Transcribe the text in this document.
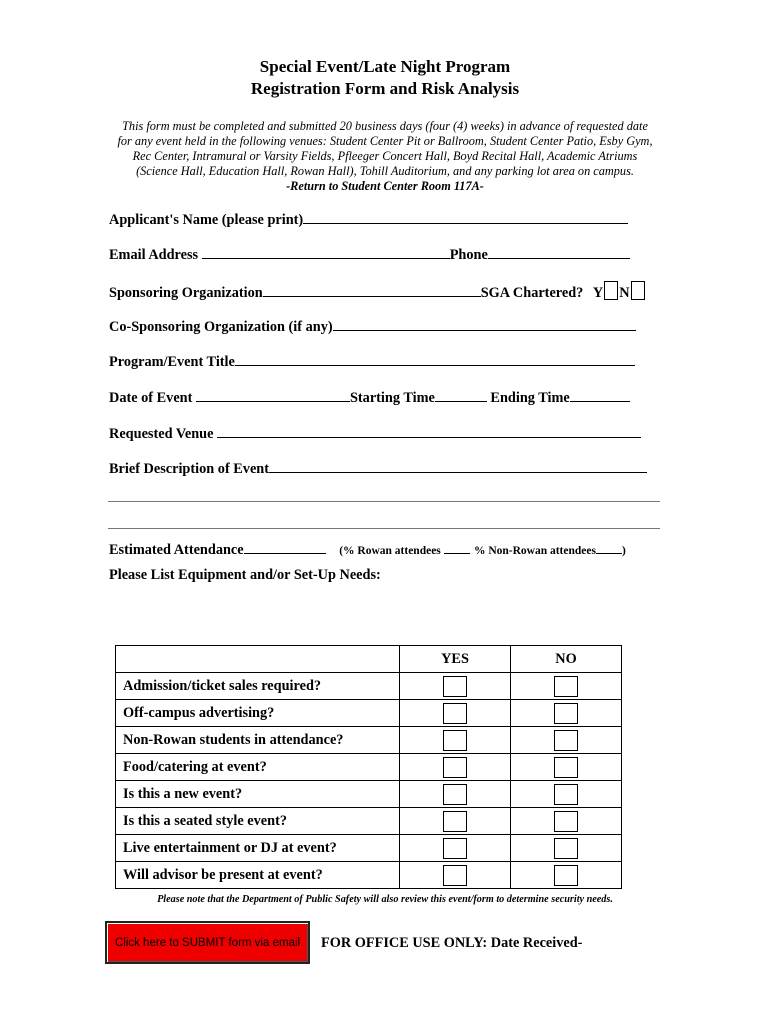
Special Event/Late Night Program
Registration Form and Risk Analysis
This form must be completed and submitted 20 business days (four (4) weeks) in advance of requested date
for any event held in the following venues: Student Center Pit or Ballroom, Student Center Patio, Esby Gym,
Rec Center, Intramural or Varsity Fields, Pfleeger Concert Hall, Boyd Recital Hall, Academic Atriums
(Science Hall, Education Hall, Rowan Hall), Tohill Auditorium, and any parking lot area on campus.
-Return to Student Center Room 117A-
Applicant's Name (please print)
Email Address	Phone
Sponsoring Organization	SGA Chartered? Y N
Co-Sponsoring Organization (if any)
Program/Event Title
Date of Event	Starting Time	Ending Time
Requested Venue
Brief Description of Event
Estimated Attendance	(% Rowan attendees	% Non-Rowan attendees )
Please List Equipment and/or Set-Up Needs:
	YES	NO
Admission/ticket sales required?		
Off-campus advertising?		
Non-Rowan students in attendance?		
Food/catering at event?		
Is this a new event?		
Is this a seated style event?		
Live entertainment or DJ at event?		
Will advisor be present at event?		
Please note that the Department of Public Safety will also review this event/form to determine security needs.
Click here to SUBMIT form via email	FOR OFFICE USE ONLY: Date Received-
